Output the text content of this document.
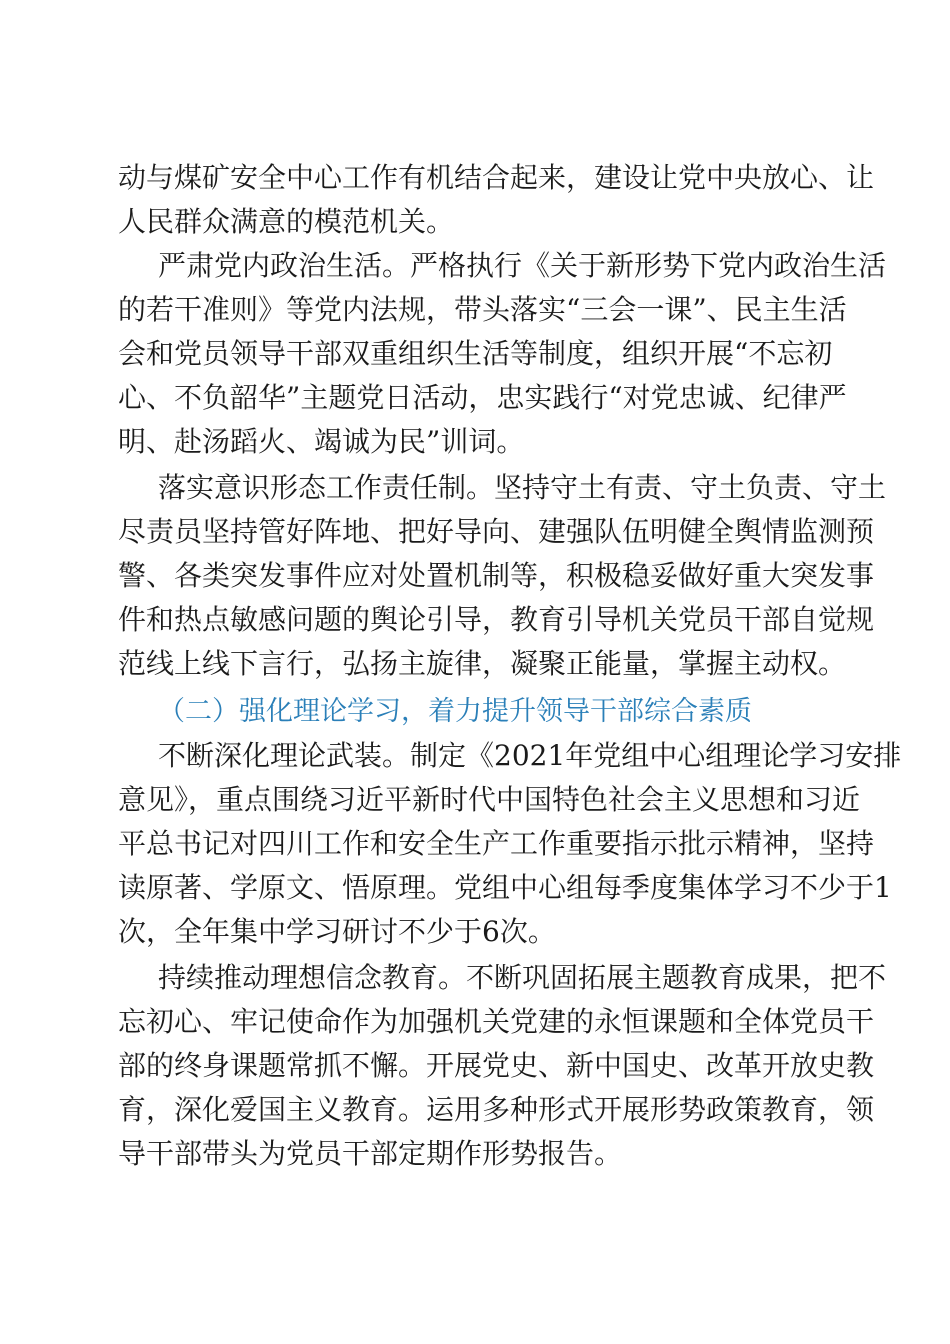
动与煤矿安全中心工作有机结合起来，建设让党中央放心、让
人民群众满意的模范机关。
严肃党内政治生活。严格执行《关于新形势下党内政治生活
的若干准则》等党内法规，带头落实“三会一课”、民主生活
会和党员领导干部双重组织生活等制度，组织开展“不忘初
心、不负韶华”主题党日活动，忠实践行“对党忠诚、纪律严
明、赴汤蹈火、竭诚为民”训词。
落实意识形态工作责任制。坚持守土有责、守土负责、守土
尽责员坚持管好阵地、把好导向、建强队伍明健全舆情监测预
警、各类突发事件应对处置机制等，积极稳妥做好重大突发事
件和热点敏感问题的舆论引导，教育引导机关党员干部自觉规
范线上线下言行，弘扬主旋律，凝聚正能量，掌握主动权。
（二）强化理论学习，着力提升领导干部综合素质
不断深化理论武装。制定《2021年党组中心组理论学习安排
意见》，重点围绕习近平新时代中国特色社会主义思想和习近
平总书记对四川工作和安全生产工作重要指示批示精神，坚持
读原著、学原文、悟原理。党组中心组每季度集体学习不少于1
次，全年集中学习研讨不少于6次。
持续推动理想信念教育。不断巩固拓展主题教育成果，把不
忘初心、牢记使命作为加强机关党建的永恒课题和全体党员干
部的终身课题常抓不懈。开展党史、新中国史、改革开放史教
育，深化爱国主义教育。运用多种形式开展形势政策教育，领
导干部带头为党员干部定期作形势报告。
